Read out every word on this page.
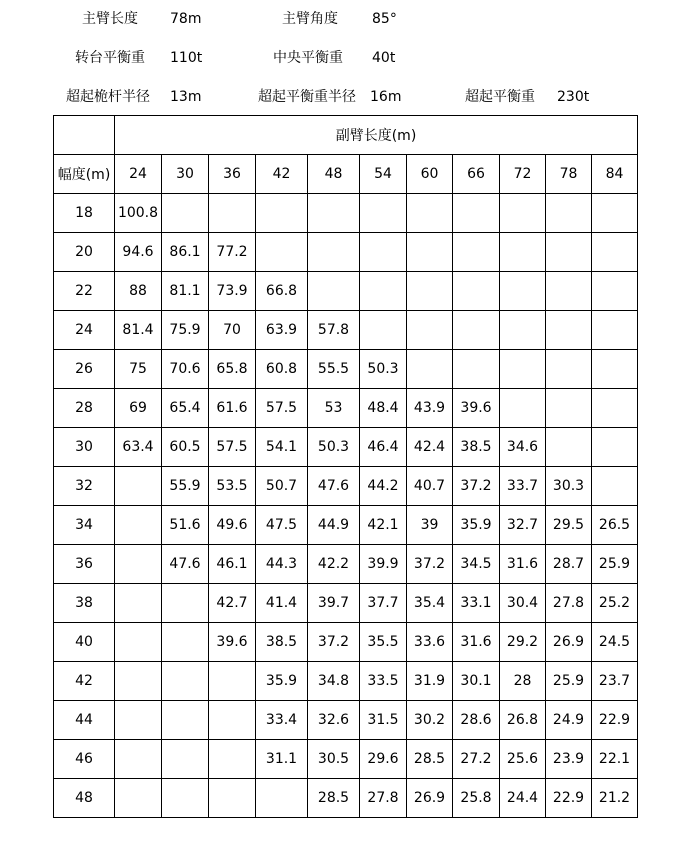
主臂长度 78m	主臂角度 85°
转台平衡重 110t	中央平衡重 40t
超起桅杆半径 13m	超起平衡重半径 16m	超起平衡重 230t
	副臂长度(m)										
幅度(m)	24	30	36	42	48	54	60	66	72	78	84
18	100.8										
20	94.6	86.1	77.2								
22	88	81.1	73.9	66.8							
24	81.4	75.9	70	63.9	57.8						
26	75	70.6	65.8	60.8	55.5	50.3					
28	69	65.4	61.6	57.5	53	48.4	43.9	39.6			
30	63.4	60.5	57.5	54.1	50.3	46.4	42.4	38.5	34.6		
32		55.9	53.5	50.7	47.6	44.2	40.7	37.2	33.7	30.3	
34		51.6	49.6	47.5	44.9	42.1	39	35.9	32.7	29.5	26.5
36		47.6	46.1	44.3	42.2	39.9	37.2	34.5	31.6	28.7	25.9
38			42.7	41.4	39.7	37.7	35.4	33.1	30.4	27.8	25.2
40			39.6	38.5	37.2	35.5	33.6	31.6	29.2	26.9	24.5
42				35.9	34.8	33.5	31.9	30.1	28	25.9	23.7
44				33.4	32.6	31.5	30.2	28.6	26.8	24.9	22.9
46				31.1	30.5	29.6	28.5	27.2	25.6	23.9	22.1
48					28.5	27.8	26.9	25.8	24.4	22.9	21.2
